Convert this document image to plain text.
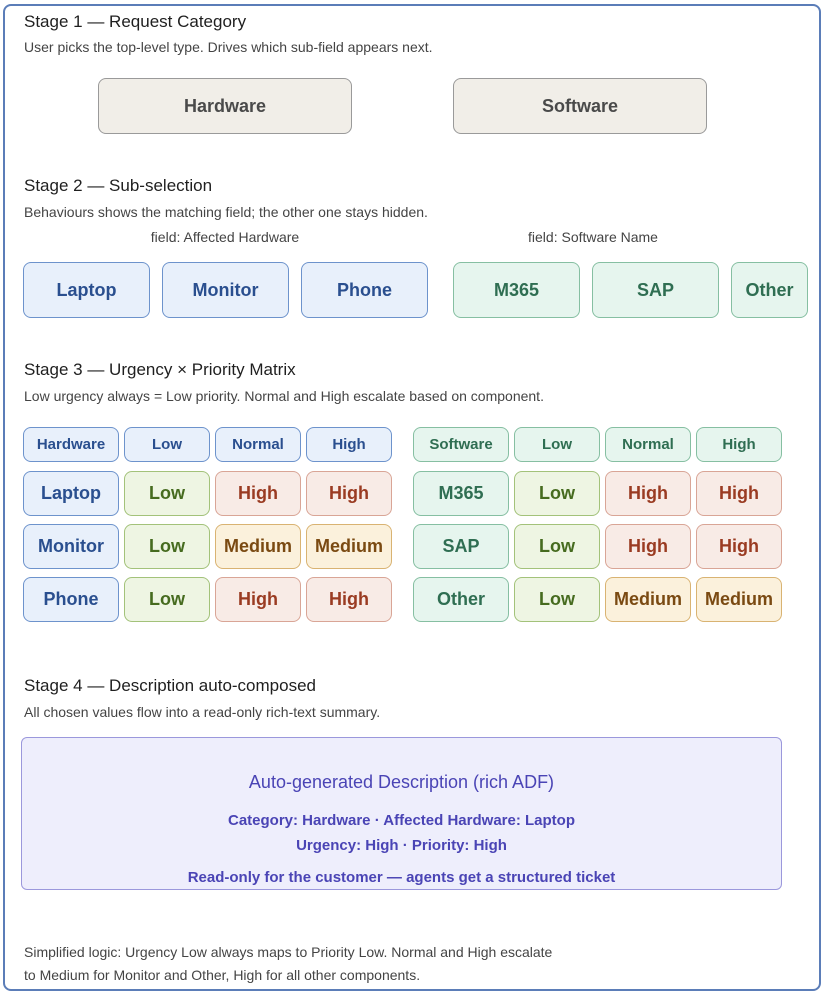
Stage 1 — Request Category
User picks the top-level type. Drives which sub-field appears next.
Hardware	Software
Stage 2 — Sub-selection
Behaviours shows the matching field; the other one stays hidden.
field: Affected Hardware	field: Software Name
Laptop	Monitor	Phone	M365	SAP	Other
Stage 3 — Urgency × Priority Matrix
Low urgency always = Low priority. Normal and High escalate based on component.
Hardware	Low	Normal	High
Laptop	Low	High	High
Monitor	Low	Medium	Medium
Phone	Low	High	High
Software	Low	Normal	High
M365	Low	High	High
SAP	Low	High	High
Other	Low	Medium	Medium
Stage 4 — Description auto-composed
All chosen values flow into a read-only rich-text summary.
Auto-generated Description (rich ADF)
Category: Hardware · Affected Hardware: Laptop
Urgency: High · Priority: High
Read-only for the customer — agents get a structured ticket
Simplified logic: Urgency Low always maps to Priority Low. Normal and High escalate
to Medium for Monitor and Other, High for all other components.
